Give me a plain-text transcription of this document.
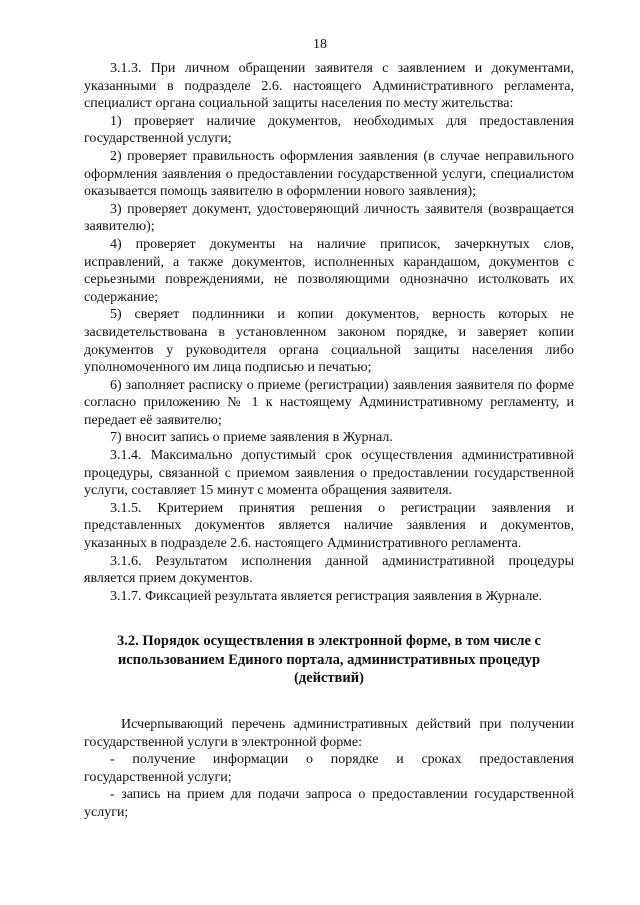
18

3.1.3. При личном обращении заявителя с заявлением и документами, указанными в подразделе 2.6. настоящего Административного регламента, специалист органа социальной защиты населения по месту жительства:

1) проверяет наличие документов, необходимых для предоставления государственной услуги;

2) проверяет правильность оформления заявления (в случае неправильного оформления заявления о предоставлении государственной услуги, специалистом оказывается помощь заявителю в оформлении нового заявления);

3) проверяет документ, удостоверяющий личность заявителя (возвращается заявителю);

4) проверяет документы на наличие приписок, зачеркнутых слов, исправлений, а также документов, исполненных карандашом, документов с серьезными повреждениями, не позволяющими однозначно истолковать их содержание;

5) сверяет подлинники и копии документов, верность которых не засвидетельствована в установленном законом порядке, и заверяет копии документов у руководителя органа социальной защиты населения либо уполномоченного им лица подписью и печатью;

6) заполняет расписку о приеме (регистрации) заявления заявителя по форме согласно приложению № 1 к настоящему Административному регламенту, и передает её заявителю;

7) вносит запись о приеме заявления в Журнал.

3.1.4. Максимально допустимый срок осуществления административной процедуры, связанной с приемом заявления о предоставлении государственной услуги, составляет 15 минут с момента обращения заявителя.

3.1.5. Критерием принятия решения о регистрации заявления и представленных документов является наличие заявления и документов, указанных в подразделе 2.6. настоящего Административного регламента.

3.1.6. Результатом исполнения данной административной процедуры является прием документов.

3.1.7. Фиксацией результата является регистрация заявления в Журнале.

3.2. Порядок осуществления в электронной форме, в том числе с
использованием Единого портала, административных процедур
(действий)

Исчерпывающий перечень административных действий при получении государственной услуги в электронной форме:

- получение информации о порядке и сроках предоставления государственной услуги;

- запись на прием для подачи запроса о предоставлении государственной услуги;
